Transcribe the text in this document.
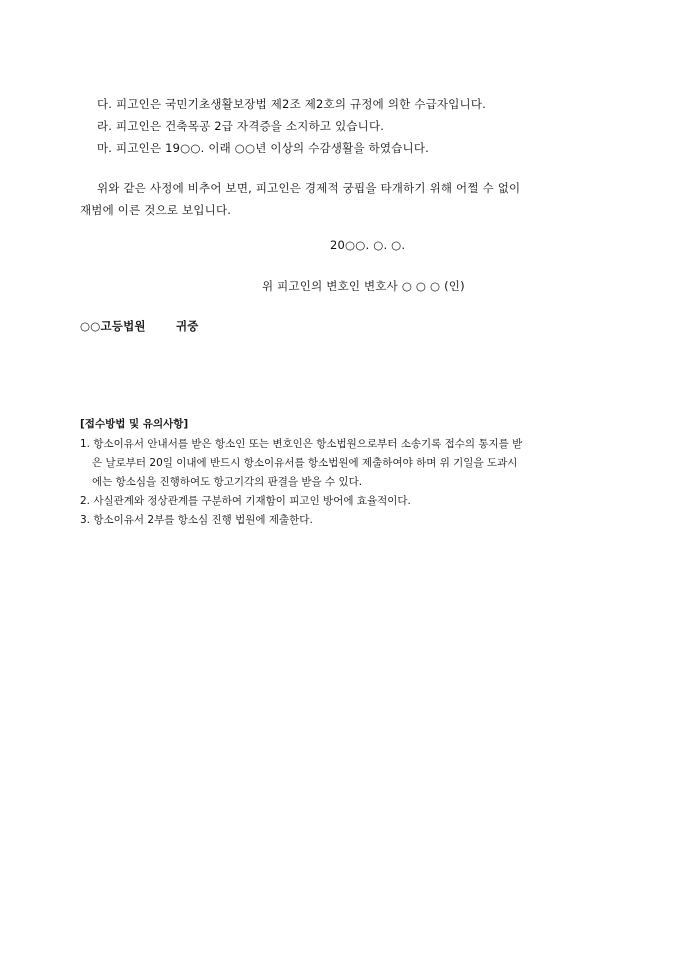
다. 피고인은 국민기초생활보장법 제2조 제2호의 규정에 의한 수급자입니다.
라. 피고인은 건축목공 2급 자격증을 소지하고 있습니다.
마. 피고인은 19○○. 이래 ○○년 이상의 수감생활을 하였습니다.
위와 같은 사정에 비추어 보면, 피고인은 경제적 궁핍을 타개하기 위해 어쩔 수 없이
재범에 이른 것으로 보입니다.
20○○. ○. ○.
위 피고인의 변호인 변호사 ○ ○ ○ (인)
○○고등법원	귀중
[접수방법 및 유의사항]
1. 항소이유서 안내서를 받은 항소인 또는 변호인은 항소법원으로부터 소송기록 접수의 통지를 받
은 날로부터 20일 이내에 반드시 항소이유서를 항소법원에 제출하여야 하며 위 기일을 도과시
에는 항소심을 진행하여도 항고기각의 판결을 받을 수 있다.
2. 사실관계와 정상관계를 구분하여 기재함이 피고인 방어에 효율적이다.
3. 항소이유서 2부를 항소심 진행 법원에 제출한다.
